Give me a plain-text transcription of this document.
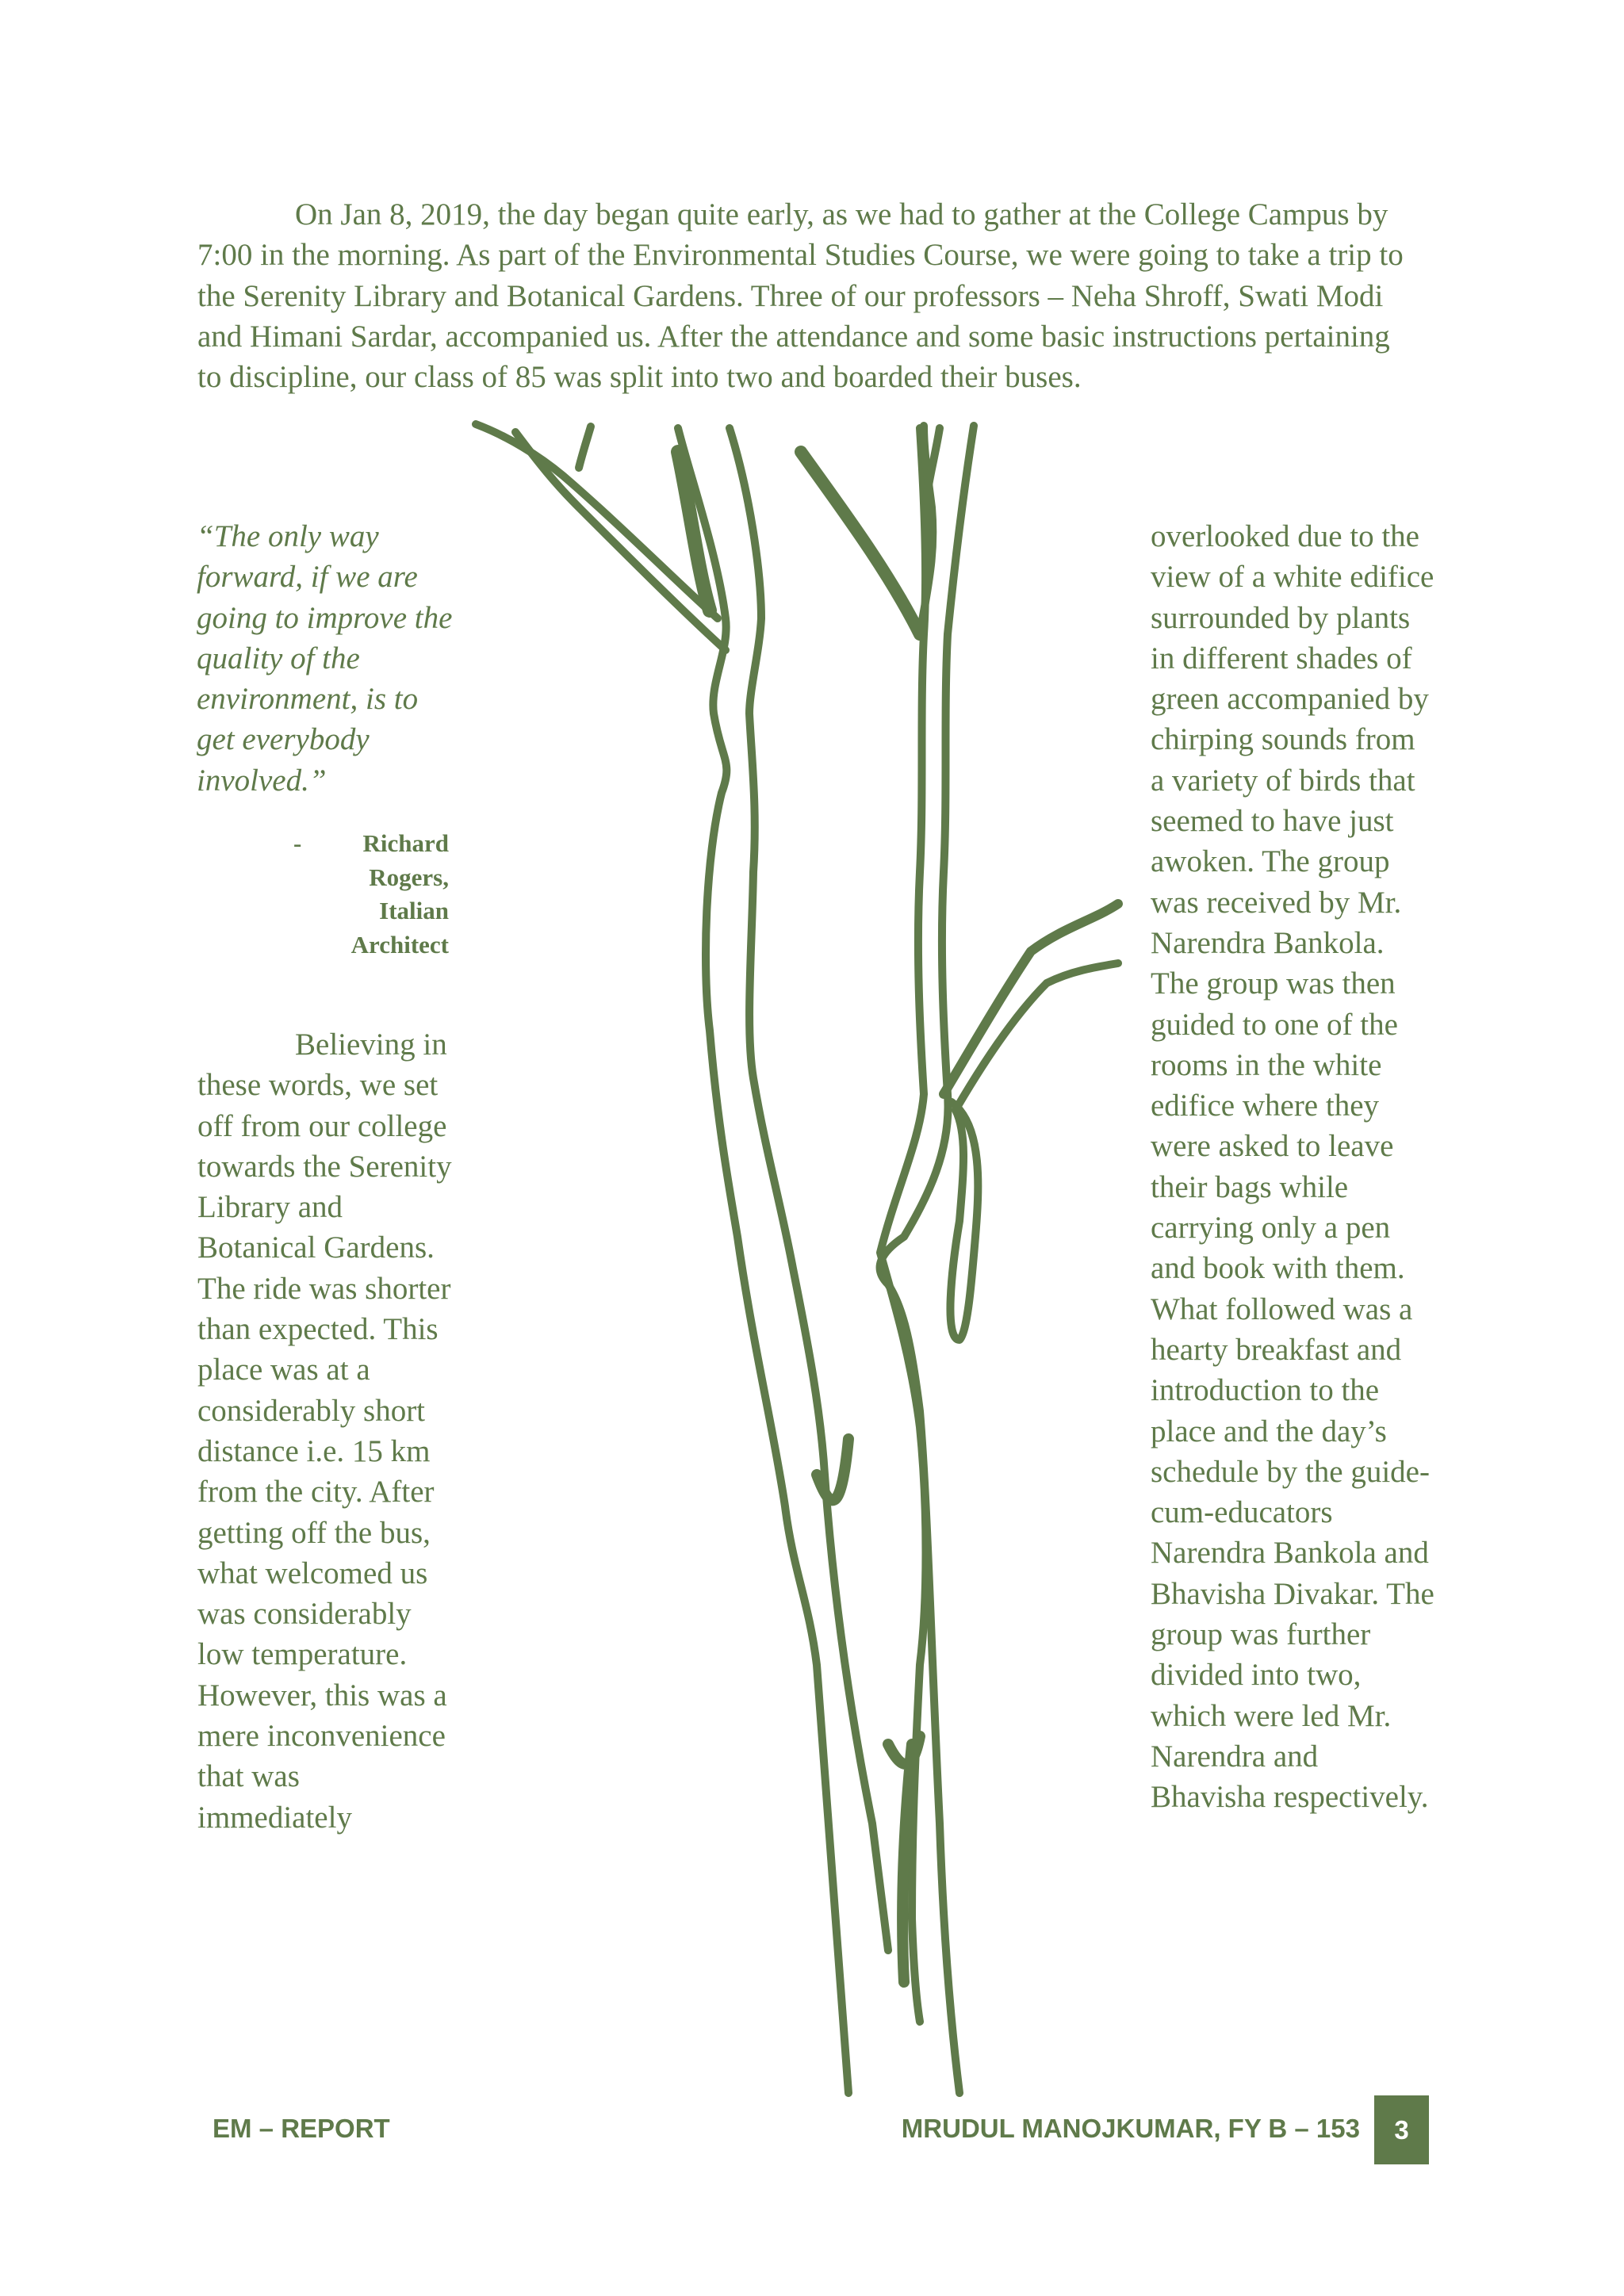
On Jan 8, 2019, the day began quite early, as we had to gather at the College Campus by 7:00 in the morning. As part of the Environmental Studies Course, we were going to take a trip to the Serenity Library and Botanical Gardens. Three of our professors – Neha Shroff, Swati Modi and Himani Sardar, accompanied us. After the attendance and some basic instructions pertaining to discipline, our class of 85 was split into two and boarded their buses.

“The only way forward, if we are going to improve the quality of the environment, is to get everybody involved.”

-	Richard Rogers, Italian Architect

Believing in these words, we set off from our college towards the Serenity Library and Botanical Gardens. The ride was shorter than expected. This place was at a considerably short distance i.e. 15 km from the city. After getting off the bus, what welcomed us was considerably low temperature. However, this was a mere inconvenience that was immediately

overlooked due to the view of a white edifice surrounded by plants in different shades of green accompanied by chirping sounds from a variety of birds that seemed to have just awoken. The group was received by Mr. Narendra Bankola. The group was then guided to one of the rooms in the white edifice where they were asked to leave their bags while carrying only a pen and book with them. What followed was a hearty breakfast and introduction to the place and the day’s schedule by the guide-cum-educators Narendra Bankola and Bhavisha Divakar. The group was further divided into two, which were led Mr. Narendra and Bhavisha respectively.

EM – REPORT	MRUDUL MANOJKUMAR, FY B – 153	3
